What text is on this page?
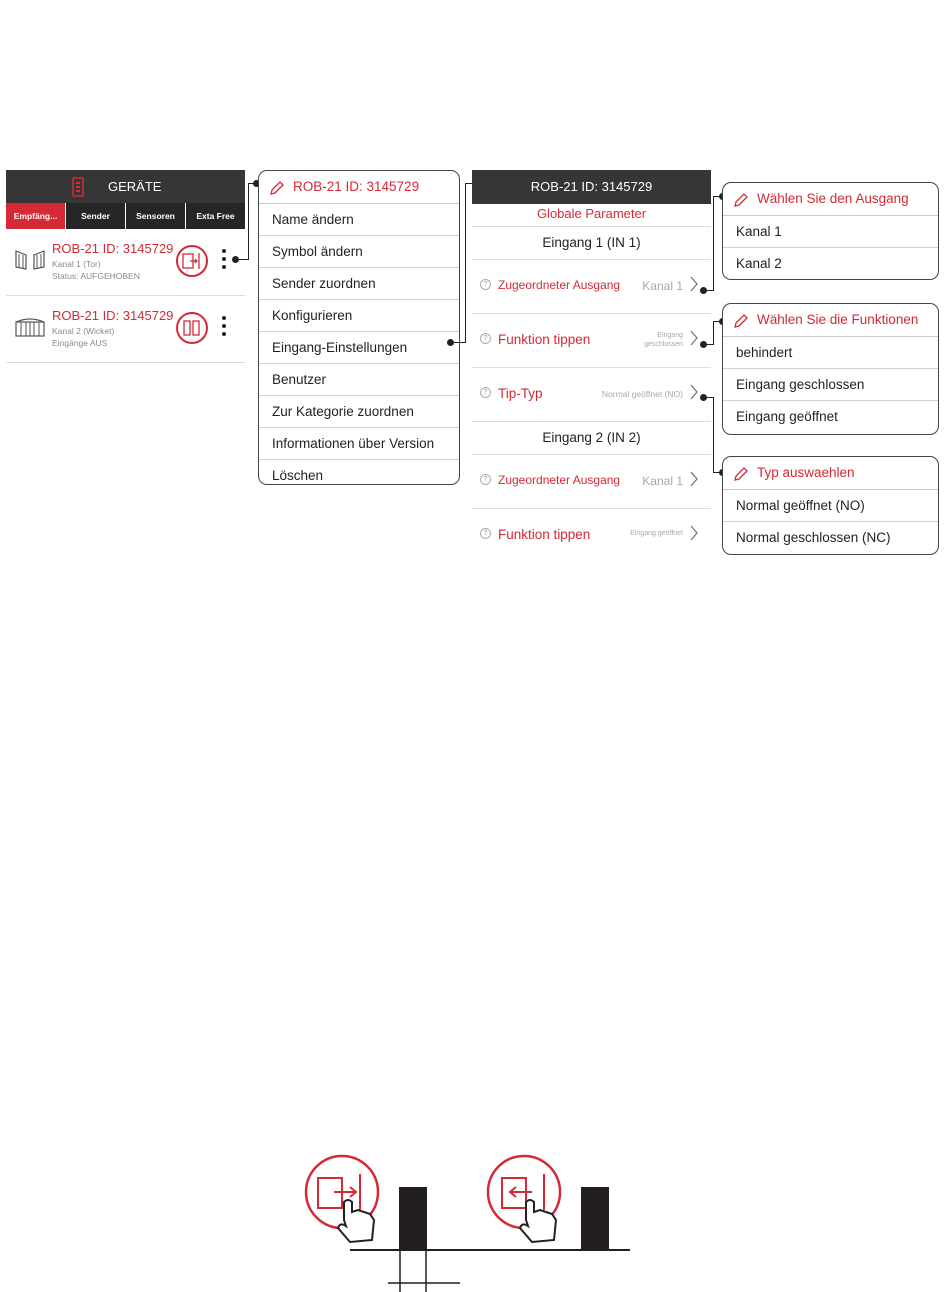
GERÄTE
Empfäng...	Sender	Sensoren	Exta Free
ROB-21 ID: 3145729
Kanal 1 (Tor)
Status: AUFGEHOBEN
ROB-21 ID: 3145729
Kanal 2 (Wicket)
Eingänge AUS
ROB-21 ID: 3145729
Name ändern
Symbol ändern
Sender zuordnen
Konfigurieren
Eingang-Einstellungen
Benutzer
Zur Kategorie zuordnen
Informationen über Version
Löschen
ROB-21 ID: 3145729
Globale Parameter
Eingang 1 (IN 1)
? Zugeordneter Ausgang Kanal 1
? Funktion tippen	Eingang geschlossen
? Tip-Typ	Normal geöffnet (NO)
Eingang 2 (IN 2)
? Zugeordneter Ausgang Kanal 1
? Funktion tippen	Eingang geöffnet
Wählen Sie den Ausgang
Kanal 1
Kanal 2
Wählen Sie die Funktionen
behindert
Eingang geschlossen
Eingang geöffnet
Typ auswaehlen
Normal geöffnet (NO)
Normal geschlossen (NC)
